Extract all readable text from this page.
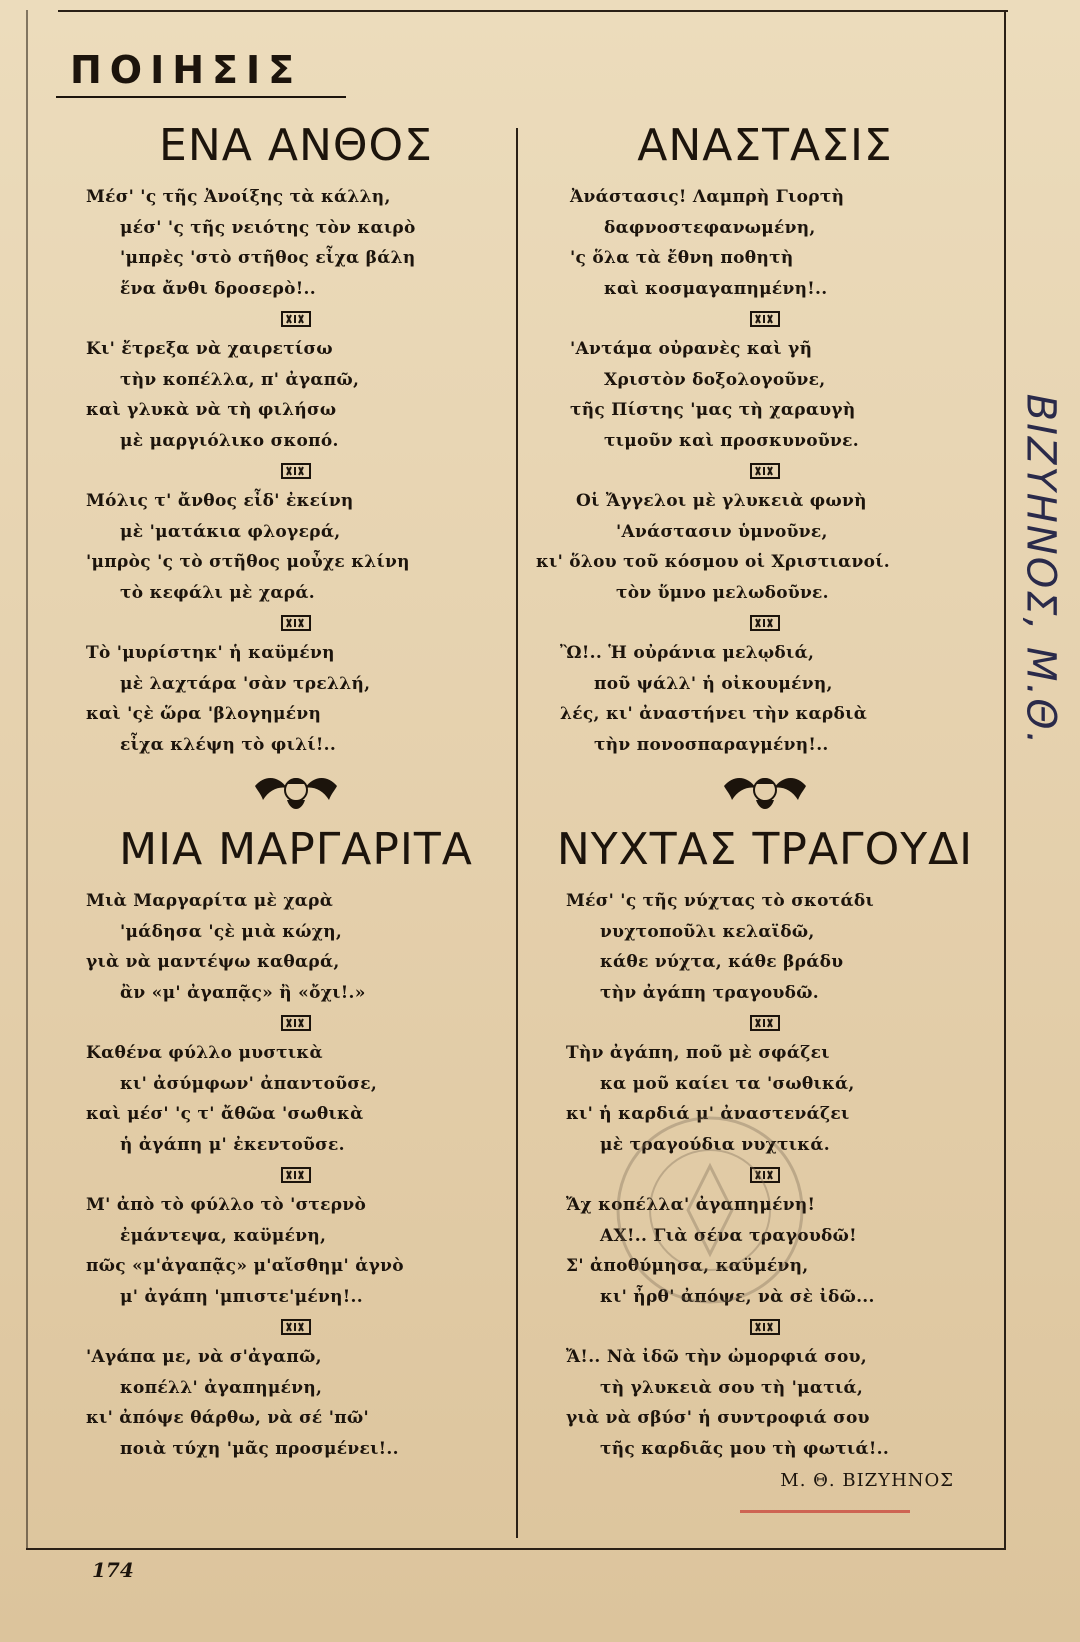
ΠΟΙΗΣΙΣ
ΕΝΑ ΑΝΘΟΣ
Μέσ' 'ς τῆς Ἀνοίξης τὰ κάλλη,
μέσ' 'ς τῆς νειότης τὸν καιρὸ
'μπρὲς 'στὸ στῆθος εἶχα βάλη
ἕνα ἄνθι δροσερὸ!..
Κι' ἔτρεξα νὰ χαιρετίσω
τὴν κοπέλλα, π' ἀγαπῶ,
καὶ γλυκὰ νὰ τὴ φιλήσω
μὲ μαργιόλικο σκοπό.
Μόλις τ' ἄνθος εἶδ' ἐκείνη
μὲ 'ματάκια φλογερά,
'μπρὸς 'ς τὸ στῆθος μοὖχε κλίνη
τὸ κεφάλι μὲ χαρά.
Τὸ 'μυρίστηκ' ἡ καϋμένη
μὲ λαχτάρα 'σὰν τρελλή,
καὶ 'ςὲ ὥρα 'βλογημένη
εἶχα κλέψη τὸ φιλί!..
ΜΙΑ ΜΑΡΓΑΡΙΤΑ
Μιὰ Μαργαρίτα μὲ χαρὰ
'μάδησα 'ςὲ μιὰ κώχη,
γιὰ νὰ μαντέψω καθαρά,
ἂν «μ' ἀγαπᾷς» ἢ «ὄχι!.»
Καθένα φύλλο μυστικὰ
κι' ἀσύμφων' ἀπαντοῦσε,
καὶ μέσ' 'ς τ' ἄθῶα 'σωθικὰ
ἡ ἀγάπη μ' ἐκεντοῦσε.
Μ' ἀπὸ τὸ φύλλο τὸ 'στερνὸ
ἐμάντεψα, καϋμένη,
πῶς «μ'ἀγαπᾷς» μ'αἴσθημ' ἁγνὸ
μ' ἀγάπη 'μπιστε'μένη!..
'Αγάπα με, νὰ σ'ἀγαπῶ,
κοπέλλ' ἀγαπημένη,
κι' ἀπόψε θάρθω, νὰ σέ 'πῶ'
ποιὰ τύχη 'μᾶς προσμένει!..
ΑΝΑΣΤΑΣΙΣ
Ἀνάστασις! Λαμπρὴ Γιορτὴ
δαφνοστεφανωμένη,
'ς ὅλα τὰ ἔθνη ποθητὴ
καὶ κοσμαγαπημένη!..
'Αντάμα οὐρανὲς καὶ γῆ
Χριστὸν δοξολογοῦνε,
τῆς Πίστης 'μας τὴ χαραυγὴ
τιμοῦν καὶ προσκυνοῦνε.
Οἱ Ἄγγελοι μὲ γλυκειὰ φωνὴ
'Ανάστασιν ὑμνοῦνε,
κι' ὅλου τοῦ κόσμου οἱ Χριστιανοί.
τὸν ὕμνο μελωδοῦνε.
Ὢ!.. Ἡ οὐράνια μελῳδιά,
ποῦ ψάλλ' ἡ οἰκουμένη,
λές, κι' ἀναστήνει τὴν καρδιὰ
τὴν πονοσπαραγμένη!..
ΝΥΧΤΑΣ ΤΡΑΓΟΥΔΙ
Μέσ' 'ς τῆς νύχτας τὸ σκοτάδι
νυχτοποῦλι κελαϊδῶ,
κάθε νύχτα, κάθε βράδυ
τὴν ἀγάπη τραγουδῶ.
Τὴν ἀγάπη, ποῦ μὲ σφάζει
κα μοῦ καίει τα 'σωθικά,
κι' ἡ καρδιά μ' ἀναστενάζει
μὲ τραγούδια νυχτικά.
Ἄχ κοπέλλα' ἀγαπημένη!
ΑΧ!.. Γιὰ σένα τραγουδῶ!
Σ' ἀποθύμησα, καϋμένη,
κι' ἦρθ' ἀπόψε, νὰ σὲ ἰδῶ...
Ἄ!.. Νὰ ἰδῶ τὴν ὠμορφιά σου,
τὴ γλυκειὰ σου τὴ 'ματιά,
γιὰ νὰ σβύσ' ἡ συντροφιά σου
τῆς καρδιᾶς μου τὴ φωτιά!..
Μ. Θ. ΒΙΖΥΗΝΟΣ
174
ΒΙΖΥΗΝΟΣ, Μ.Θ.
